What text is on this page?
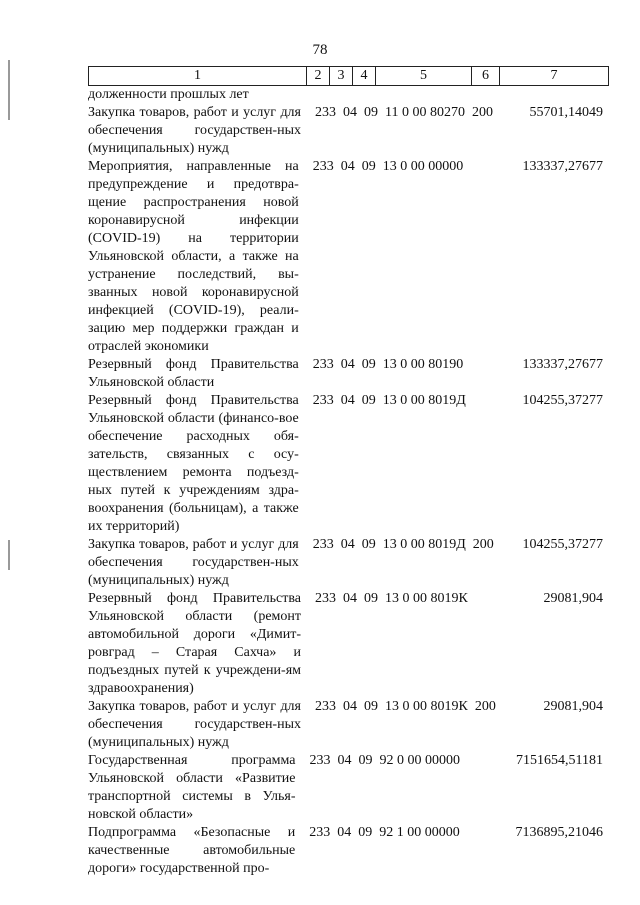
78
1	2	3	4	5	6	7
долженности прошлых лет
Закупка товаров, работ и услуг для обеспечения государствен-ных (муниципальных) нужд
233  04  09  11 0 00 80270  200	55701,14049
Мероприятия, направленные на предупреждение и предотвра-щение распространения новой коронавирусной инфекции (COVID-19) на территории Ульяновской области, а также на устранение последствий, вы-званных новой коронавирусной инфекцией (COVID-19), реали-зацию мер поддержки граждан и отраслей экономики
233  04  09  13 0 00 00000	133337,27677
Резервный фонд Правительства Ульяновской области
233  04  09  13 0 00 80190	133337,27677
Резервный фонд Правительства Ульяновской области (финансо-вое обеспечение расходных обя-зательств, связанных с осу-ществлением ремонта подъезд-ных путей к учреждениям здра-воохранения (больницам), а также их территорий)
233  04  09  13 0 00 8019Д	104255,37277
Закупка товаров, работ и услуг для обеспечения государствен-ных (муниципальных) нужд
233  04  09  13 0 00 8019Д  200	104255,37277
Резервный фонд Правительства Ульяновской области (ремонт автомобильной дороги «Димит-ровград – Старая Сахча» и подъездных путей к учреждени-ям здравоохранения)
233  04  09  13 0 00 8019К	29081,904
Закупка товаров, работ и услуг для обеспечения государствен-ных (муниципальных) нужд
233  04  09  13 0 00 8019К  200	29081,904
Государственная программа Ульяновской области «Развитие транспортной системы в Улья-новской области»
233  04  09  92 0 00 00000	7151654,51181
Подпрограмма «Безопасные и качественные автомобильные дороги» государственной про-
233  04  09  92 1 00 00000	7136895,21046
